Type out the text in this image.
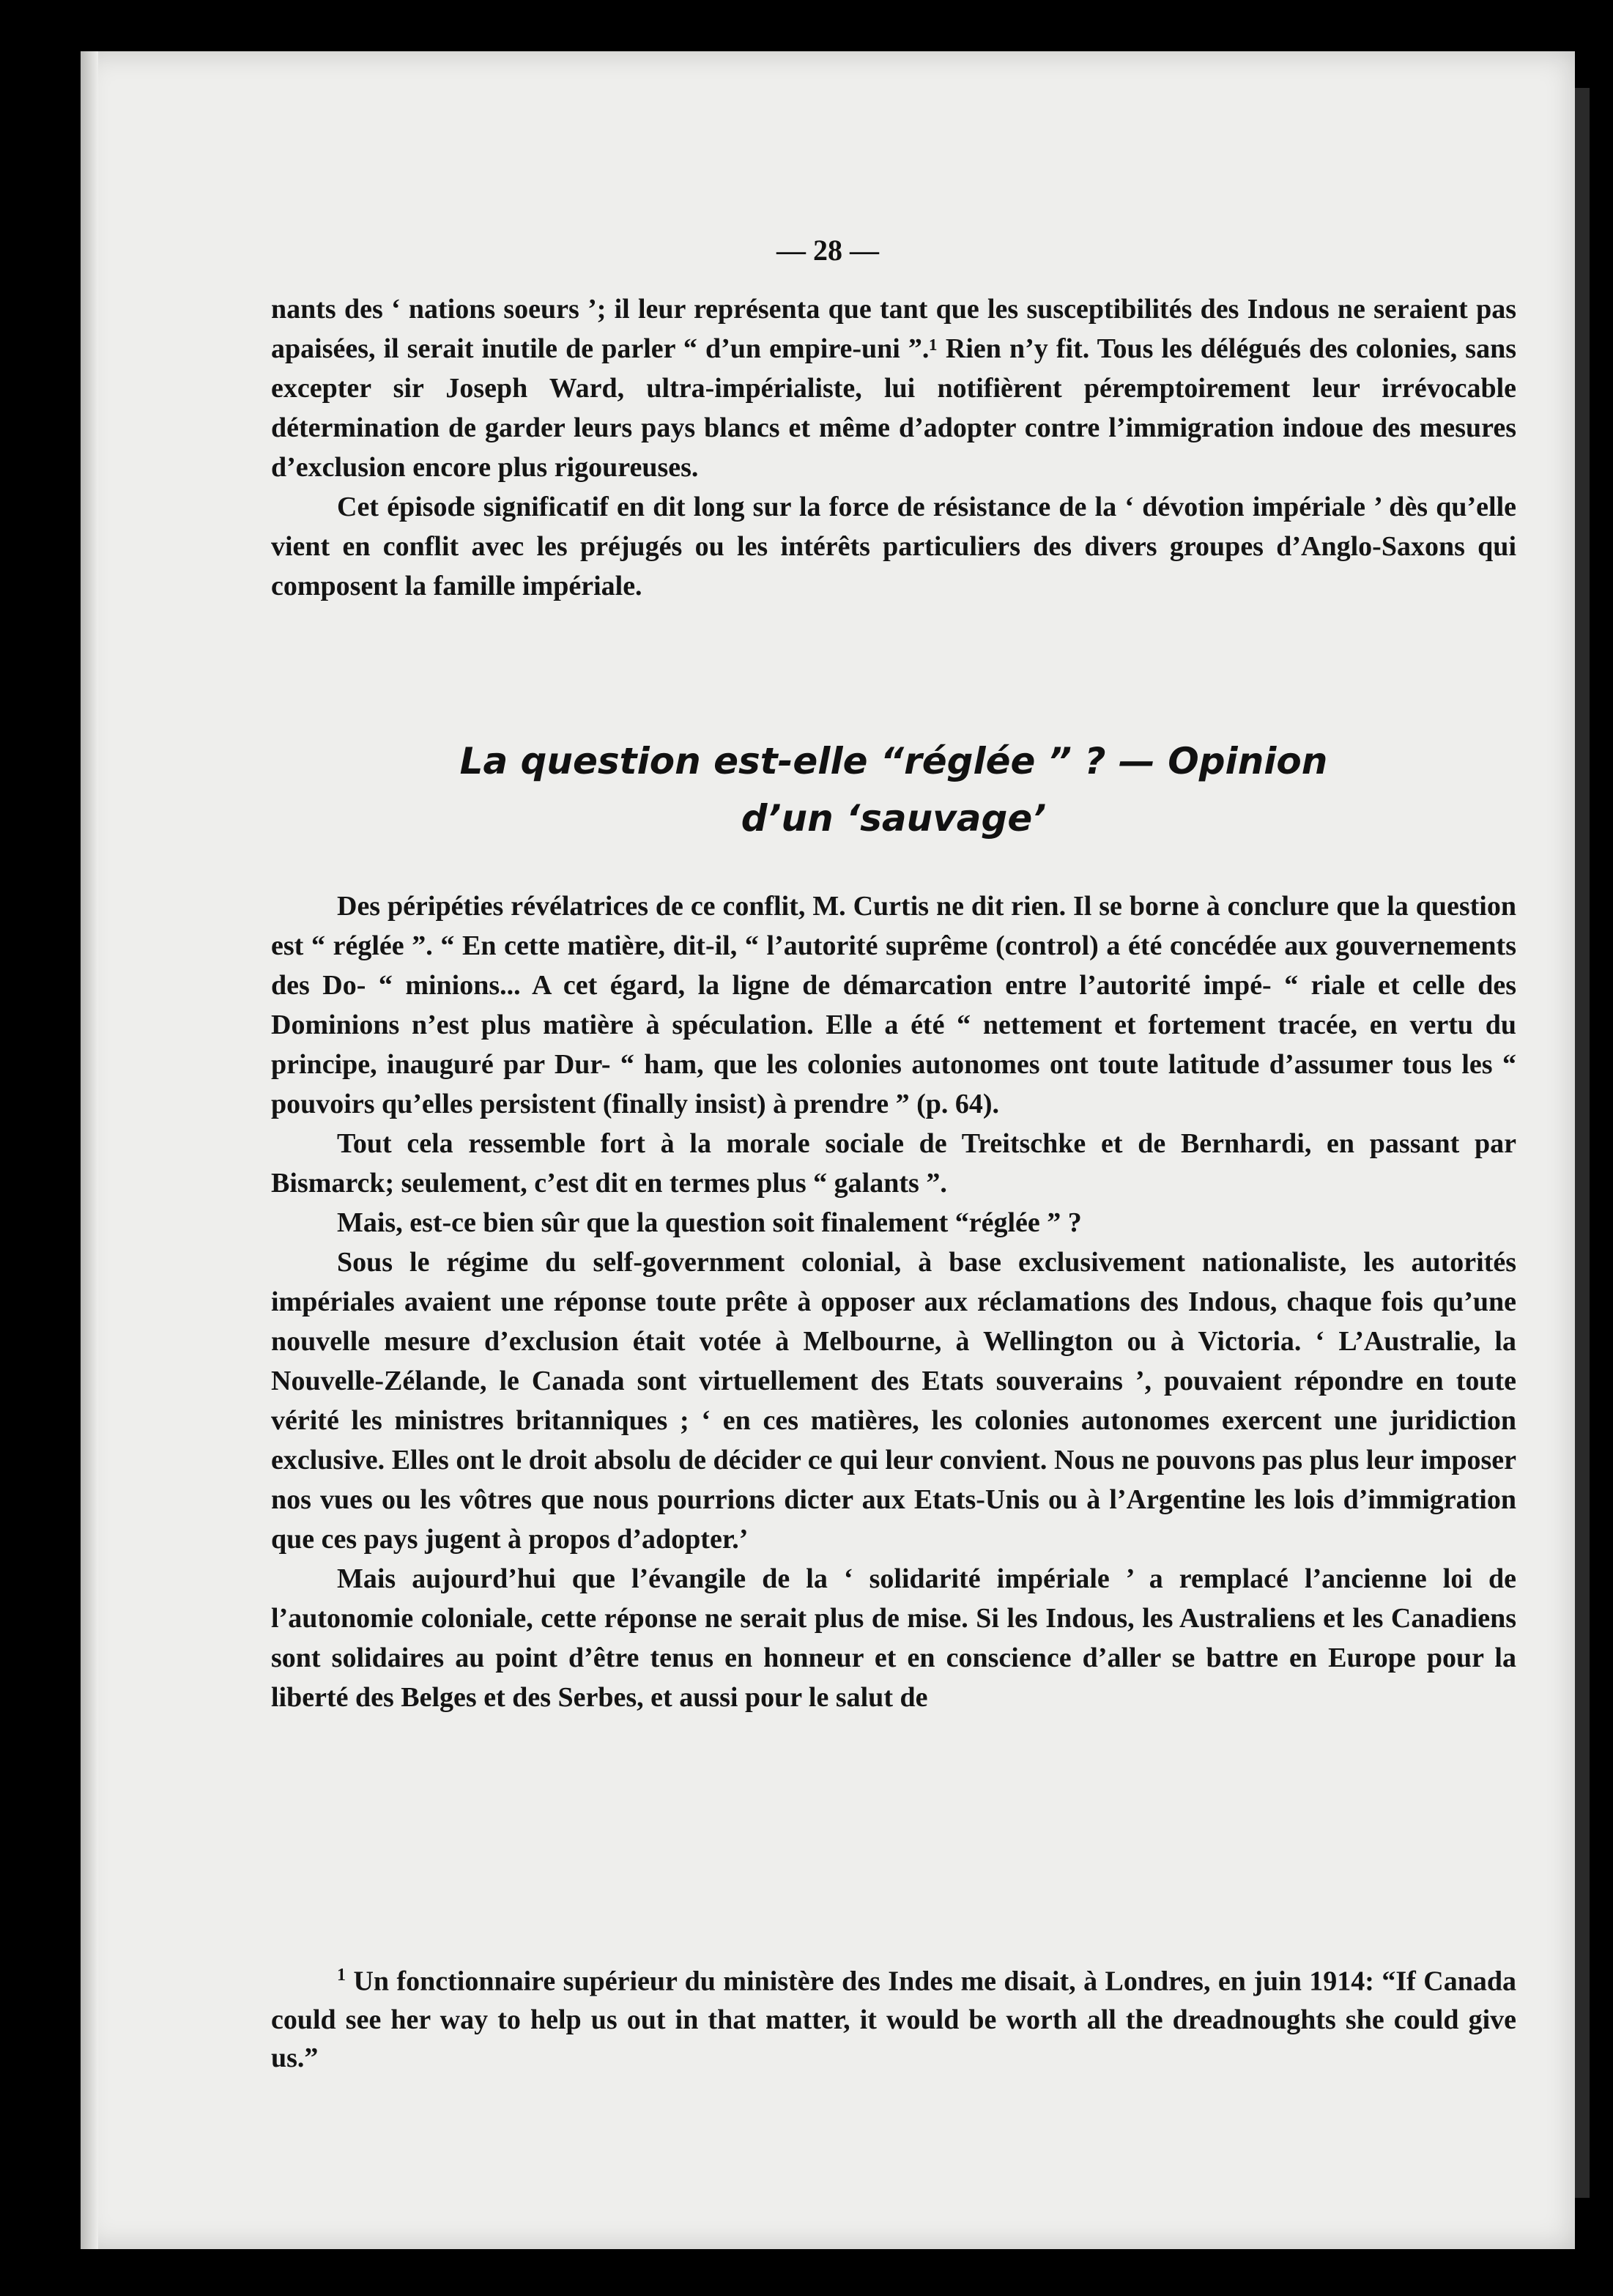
— 28 —

nants des ‘ nations soeurs ’; il leur représenta que tant que les susceptibilités des Indous ne seraient pas apaisées, il serait inutile de parler “ d’un empire-uni ”.¹ Rien n’y fit. Tous les délégués des colonies, sans excepter sir Joseph Ward, ultra-impérialiste, lui notifièrent péremptoirement leur irrévocable détermination de garder leurs pays blancs et même d’adopter contre l’immigration indoue des mesures d’exclusion encore plus rigoureuses.

Cet épisode significatif en dit long sur la force de résistance de la ‘ dévotion impériale ’ dès qu’elle vient en conflit avec les préjugés ou les intérêts particuliers des divers groupes d’Anglo-Saxons qui composent la famille impériale.

La question est-elle “réglée ” ? — Opinion
d’un ‘sauvage’

Des péripéties révélatrices de ce conflit, M. Curtis ne dit rien. Il se borne à conclure que la question est “ réglée ”. “ En cette matière, dit-il, “ l’autorité suprême (control) a été concédée aux gouvernements des Do- “ minions... A cet égard, la ligne de démarcation entre l’autorité impé- “ riale et celle des Dominions n’est plus matière à spéculation. Elle a été “ nettement et fortement tracée, en vertu du principe, inauguré par Dur- “ ham, que les colonies autonomes ont toute latitude d’assumer tous les “ pouvoirs qu’elles persistent (finally insist) à prendre ” (p. 64).

Tout cela ressemble fort à la morale sociale de Treitschke et de Bernhardi, en passant par Bismarck; seulement, c’est dit en termes plus “ galants ”.

Mais, est-ce bien sûr que la question soit finalement “réglée ” ?

Sous le régime du self-government colonial, à base exclusivement nationaliste, les autorités impériales avaient une réponse toute prête à opposer aux réclamations des Indous, chaque fois qu’une nouvelle mesure d’exclusion était votée à Melbourne, à Wellington ou à Victoria. ‘ L’Australie, la Nouvelle-Zélande, le Canada sont virtuellement des Etats souverains ’, pouvaient répondre en toute vérité les ministres britanniques ; ‘ en ces matières, les colonies autonomes exercent une juridiction exclusive. Elles ont le droit absolu de décider ce qui leur convient. Nous ne pouvons pas plus leur imposer nos vues ou les vôtres que nous pourrions dicter aux Etats-Unis ou à l’Argentine les lois d’immigration que ces pays jugent à propos d’adopter.’

Mais aujourd’hui que l’évangile de la ‘ solidarité impériale ’ a remplacé l’ancienne loi de l’autonomie coloniale, cette réponse ne serait plus de mise. Si les Indous, les Australiens et les Canadiens sont solidaires au point d’être tenus en honneur et en conscience d’aller se battre en Europe pour la liberté des Belges et des Serbes, et aussi pour le salut de

$^1$ Un fonctionnaire supérieur du ministère des Indes me disait, à Londres, en juin 1914: “If Canada could see her way to help us out in that matter, it would be worth all the dreadnoughts she could give us.”
